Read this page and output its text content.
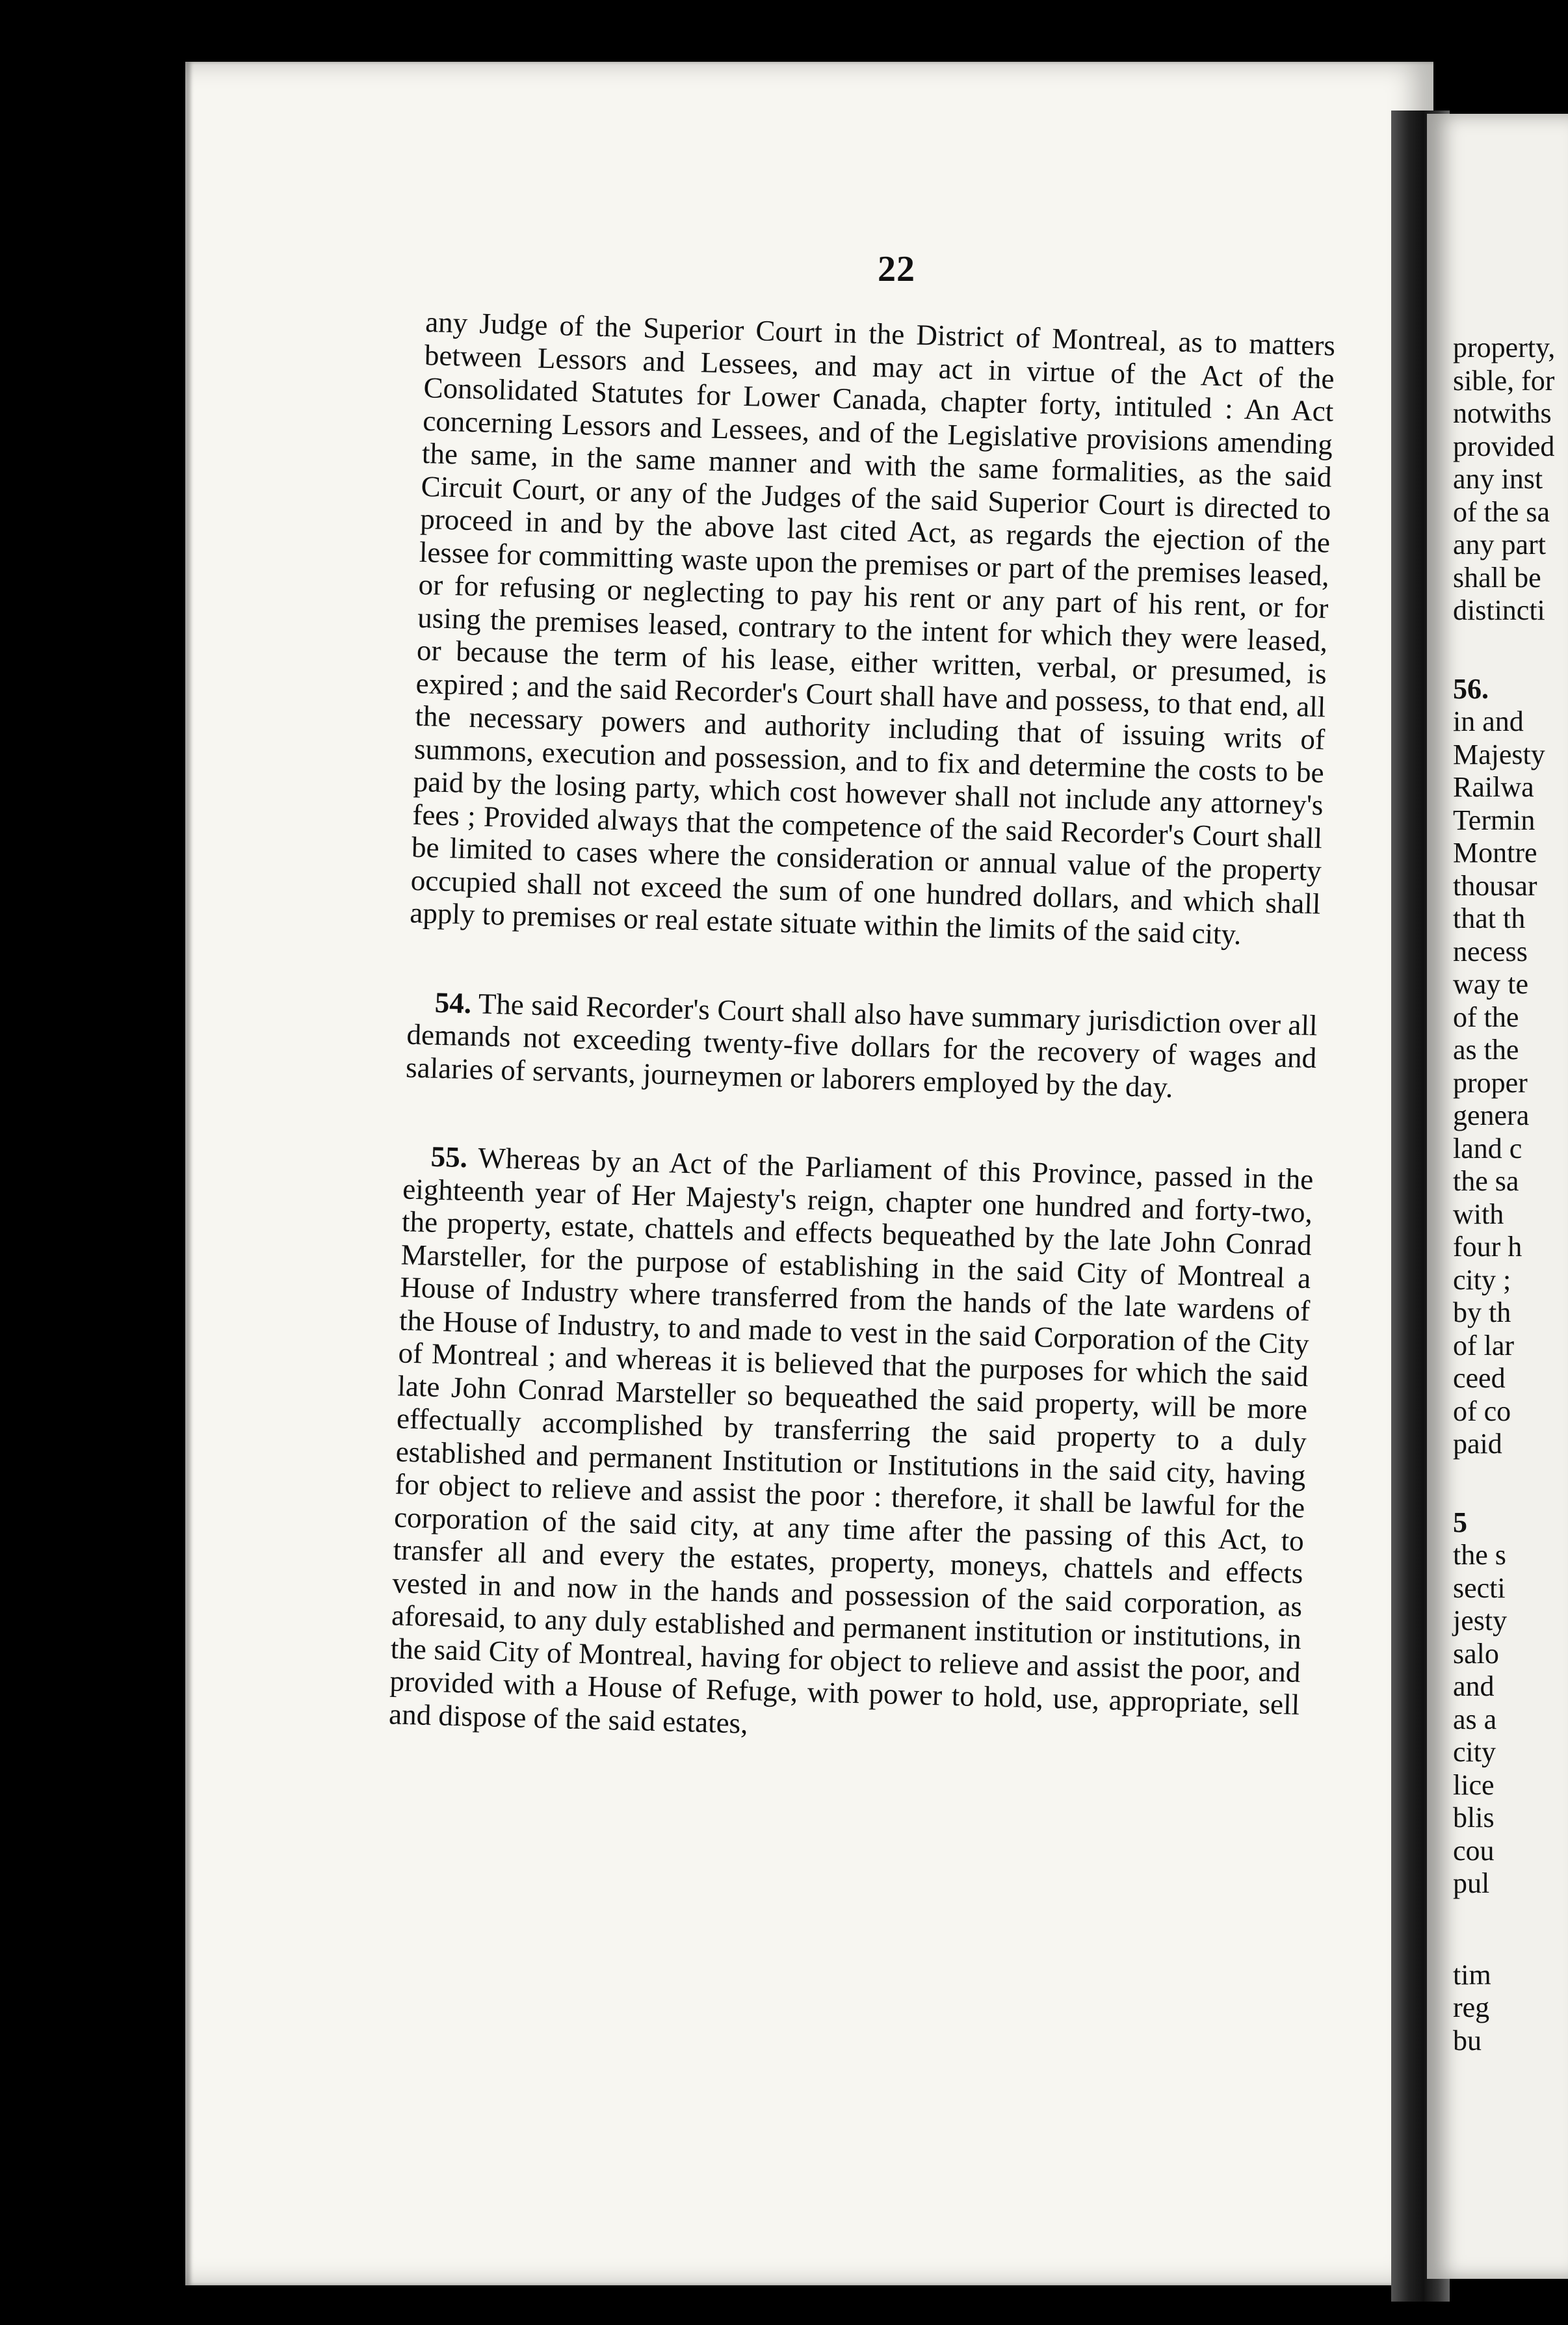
property,
sible, for
notwiths
provided
any inst
of the sa
any part
shall be
distincti
56.
in and
Majesty
Railwa
Termin
Montre
thousar
that th
necess
way te
of the
as the
proper
genera
land c
the sa
with
four h
city ;
by th
of lar
ceed
of co
paid
5
the s
secti
jesty
salo
and
as a
city
lice
blis
cou
pul
tim
reg
bu
22

any Judge of the Superior Court in the District of Montreal, as to matters between Lessors and Lessees, and may act in virtue of the Act of the Consolidated Statutes for Lower Canada, chapter forty, intituled : An Act concerning Lessors and Lessees, and of the Legislative provisions amending the same, in the same manner and with the same formalities, as the said Circuit Court, or any of the Judges of the said Superior Court is directed to proceed in and by the above last cited Act, as regards the ejection of the lessee for committing waste upon the premises or part of the premises leased, or for refusing or neglecting to pay his rent or any part of his rent, or for using the premises leased, contrary to the intent for which they were leased, or because the term of his lease, either written, verbal, or presumed, is expired ; and the said Recorder's Court shall have and possess, to that end, all the necessary powers and authority including that of issuing writs of summons, execution and possession, and to fix and determine the costs to be paid by the losing party, which cost however shall not include any attorney's fees ; Provided always that the competence of the said Recorder's Court shall be limited to cases where the consideration or annual value of the property occupied shall not exceed the sum of one hundred dollars, and which shall apply to premises or real estate situate within the limits of the said city.

54. The said Recorder's Court shall also have summary jurisdiction over all demands not exceeding twenty-five dollars for the recovery of wages and salaries of servants, journeymen or laborers employed by the day.

55. Whereas by an Act of the Parliament of this Province, passed in the eighteenth year of Her Majesty's reign, chapter one hundred and forty-two, the property, estate, chattels and effects bequeathed by the late John Conrad Marsteller, for the purpose of establishing in the said City of Montreal a House of Industry where transferred from the hands of the late wardens of the House of Industry, to and made to vest in the said Corporation of the City of Montreal ; and whereas it is believed that the purposes for which the said late John Conrad Marsteller so bequeathed the said property, will be more effectually accomplished by transferring the said property to a duly established and permanent Institution or Institutions in the said city, having for object to relieve and assist the poor : therefore, it shall be lawful for the corporation of the said city, at any time after the passing of this Act, to transfer all and every the estates, property, moneys, chattels and effects vested in and now in the hands and possession of the said corporation, as aforesaid, to any duly established and permanent institution or institutions, in the said City of Montreal, having for object to relieve and assist the poor, and provided with a House of Refuge, with power to hold, use, appropriate, sell and dispose of the said estates,
